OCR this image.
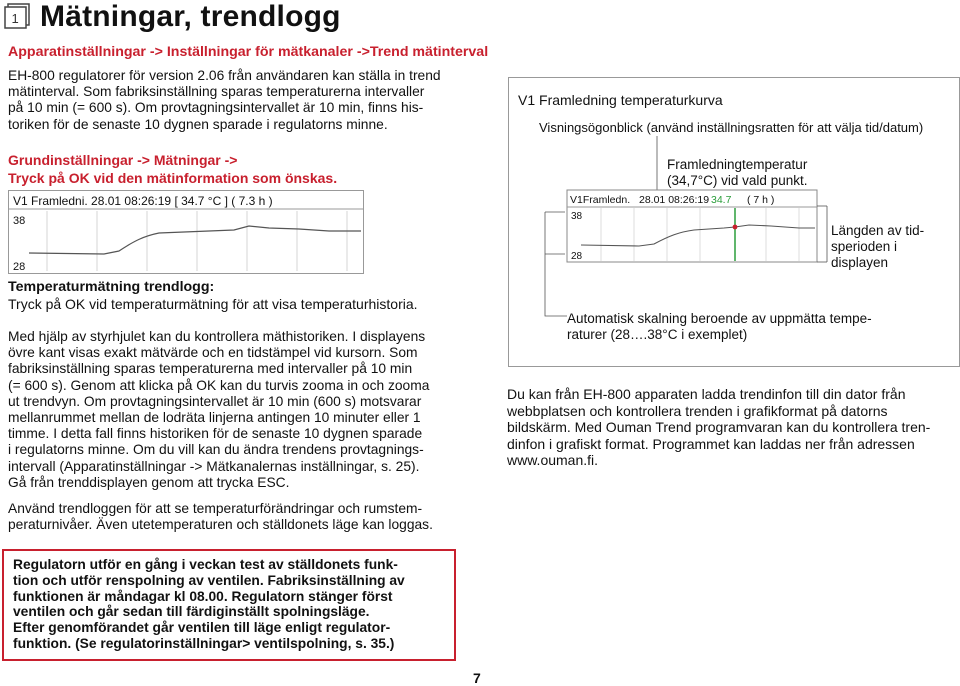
1 Mätningar, trendlogg
Apparatinställningar -> Inställningar för mätkanaler ->Trend mätinterval
EH-800 regulatorer för version 2.06 från användaren kan ställa in trend
mätinterval. Som fabriksinställning sparas temperaturerna intervaller
på 10 min (= 600 s). Om provtagningsintervallet är 10 min, finns his-
toriken för de senaste 10 dygnen sparade i regulatorns minne.
Grundinställningar -> Mätningar ->
Tryck på OK vid den mätinformation som önskas.
V1 Framledni. 28.01 08:26:19 [ 34.7 °C ] ( 7.3 h )
38
28
Temperaturmätning trendlogg:
Tryck på OK vid temperaturmätning för att visa temperaturhistoria.
Med hjälp av styrhjulet kan du kontrollera mäthistoriken. I displayens
övre kant visas exakt mätvärde och en tidstämpel vid kursorn. Som
fabriksinställning sparas temperaturerna med intervaller på 10 min
(= 600 s). Genom att klicka på OK kan du turvis zooma in och zooma
ut trendvyn. Om provtagningsintervallet är 10 min (600 s) motsvarar
mellanrummet mellan de lodräta linjerna antingen 10 minuter eller 1
timme. I detta fall finns historiken för de senaste 10 dygnen sparade
i regulatorns minne. Om du vill kan du ändra trendens provtagnings-
intervall (Apparatinställningar -> Mätkanalernas inställningar, s. 25).
Gå från trenddisplayen genom att trycka ESC.
Använd trendloggen för att se temperaturförändringar och rumstem-
peraturnivåer. Även utetemperaturen och ställdonets läge kan loggas.
Regulatorn utför en gång i veckan test av ställdonets funk-
tion och utför renspolning av ventilen. Fabriksinställning av
funktionen är måndagar kl 08.00. Regulatorn stänger först
ventilen och går sedan till färdiginställt spolningsläge.
Efter genomförandet går ventilen till läge enligt regulator-
funktion. (Se regulatorinställningar> ventilspolning, s. 35.)
V1 Framledning temperaturkurva
Visningsögonblick (använd inställningsratten för att välja tid/datum)
Framledningtemperatur
(34,7°C) vid vald punkt.
V1Framledn. 28.01 08:26:19 34.7 ( 7 h )
38
28
Längden av tid-
sperioden i
displayen
Automatisk skalning beroende av uppmätta tempe-
raturer (28….38°C i exemplet)
Du kan från EH-800 apparaten ladda trendinfon till din dator från
webbplatsen och kontrollera trenden i grafikformat på datorns
bildskärm. Med Ouman Trend programvaran kan du kontrollera tren-
dinfon i grafiskt format. Programmet kan laddas ner från adressen
www.ouman.fi.
7
